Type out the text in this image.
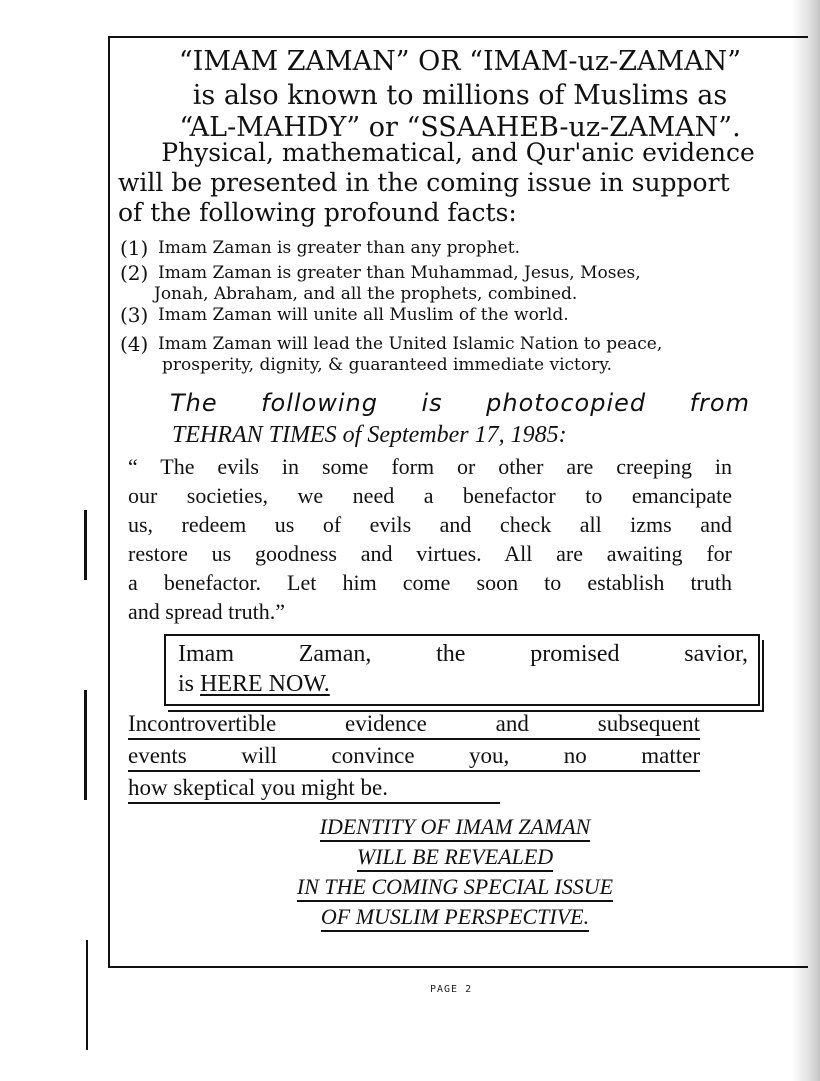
“IMAM ZAMAN” OR “IMAM-uz-ZAMAN”
is also known to millions of Muslims as
“AL-MAHDY” or “SSAAHEB-uz-ZAMAN”.
Physical, mathematical, and Qur'anic evidence
will be presented in the coming issue in support
of the following profound facts:
(1) Imam Zaman is greater than any prophet.
(2) Imam Zaman is greater than Muhammad, Jesus, Moses,
Jonah, Abraham, and all the prophets, combined.
(3) Imam Zaman will unite all Muslim of the world.
(4) Imam Zaman will lead the United Islamic Nation to peace,
prosperity, dignity, & guaranteed immediate victory.
The following is photocopied from
TEHRAN TIMES of September 17, 1985:
“ The evils in some form or other are creeping in
our societies, we need a benefactor to emancipate
us, redeem us of evils and check all izms and
restore us goodness and virtues. All are awaiting for
a benefactor. Let him come soon to establish truth
and spread truth.”
Imam	Zaman,	the	promised	savior,
is HERE NOW.
Incontrovertible evidence and subsequent
events will convince you, no matter
how skeptical you might be.
IDENTITY OF IMAM ZAMAN
WILL BE REVEALED
IN THE COMING SPECIAL ISSUE
OF MUSLIM PERSPECTIVE.
PAGE 2
